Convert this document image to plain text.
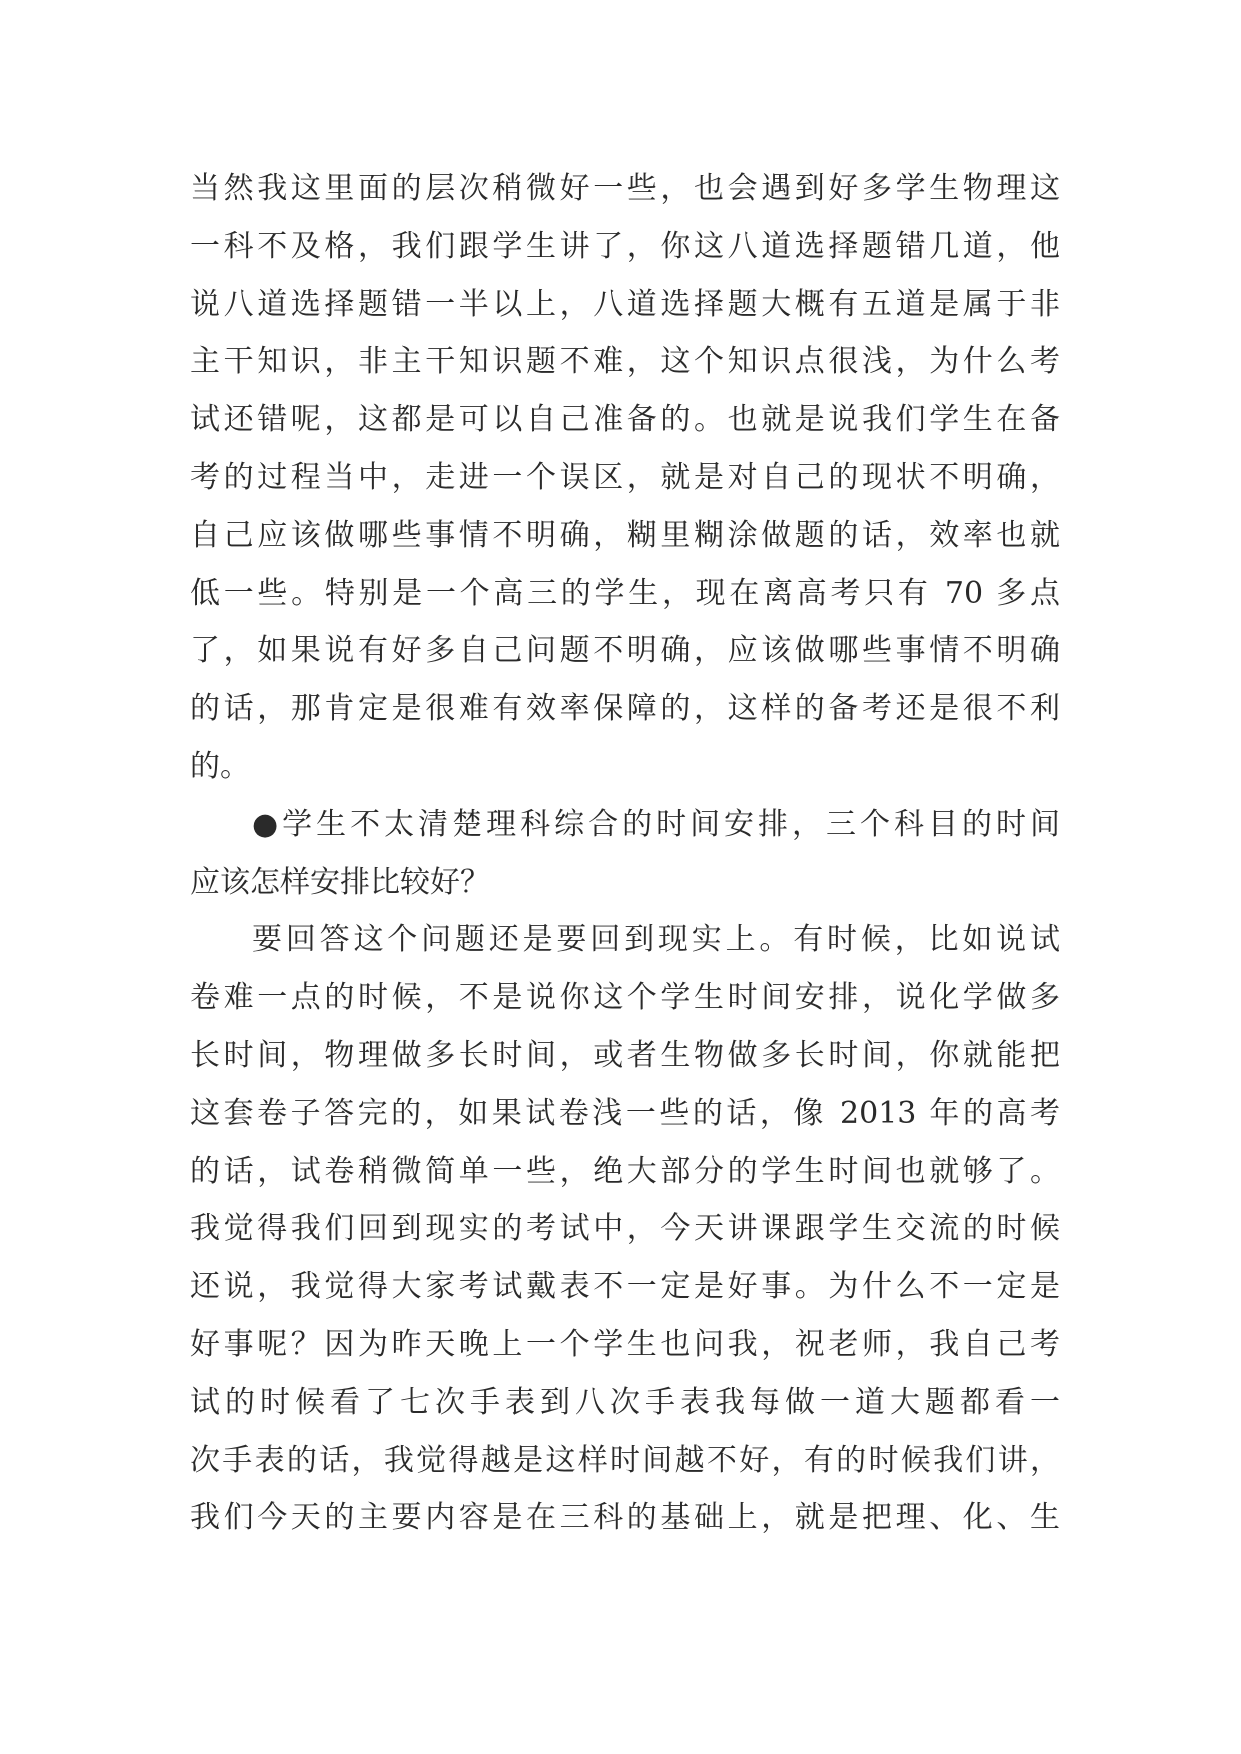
当然我这里面的层次稍微好一些，也会遇到好多学生物理这
一科不及格，我们跟学生讲了，你这八道选择题错几道，他
说八道选择题错一半以上，八道选择题大概有五道是属于非
主干知识，非主干知识题不难，这个知识点很浅，为什么考
试还错呢，这都是可以自己准备的。也就是说我们学生在备
考的过程当中，走进一个误区，就是对自己的现状不明确，
自己应该做哪些事情不明确，糊里糊涂做题的话，效率也就
低一些。特别是一个高三的学生，现在离高考只有 70 多点
了，如果说有好多自己问题不明确，应该做哪些事情不明确
的话，那肯定是很难有效率保障的，这样的备考还是很不利
的。
●学生不太清楚理科综合的时间安排，三个科目的时间
应该怎样安排比较好？
要回答这个问题还是要回到现实上。有时候，比如说试
卷难一点的时候，不是说你这个学生时间安排，说化学做多
长时间，物理做多长时间，或者生物做多长时间，你就能把
这套卷子答完的，如果试卷浅一些的话，像 2013 年的高考
的话，试卷稍微简单一些，绝大部分的学生时间也就够了。
我觉得我们回到现实的考试中，今天讲课跟学生交流的时候
还说，我觉得大家考试戴表不一定是好事。为什么不一定是
好事呢？因为昨天晚上一个学生也问我，祝老师，我自己考
试的时候看了七次手表到八次手表我每做一道大题都看一
次手表的话，我觉得越是这样时间越不好，有的时候我们讲，
我们今天的主要内容是在三科的基础上，就是把理、化、生
